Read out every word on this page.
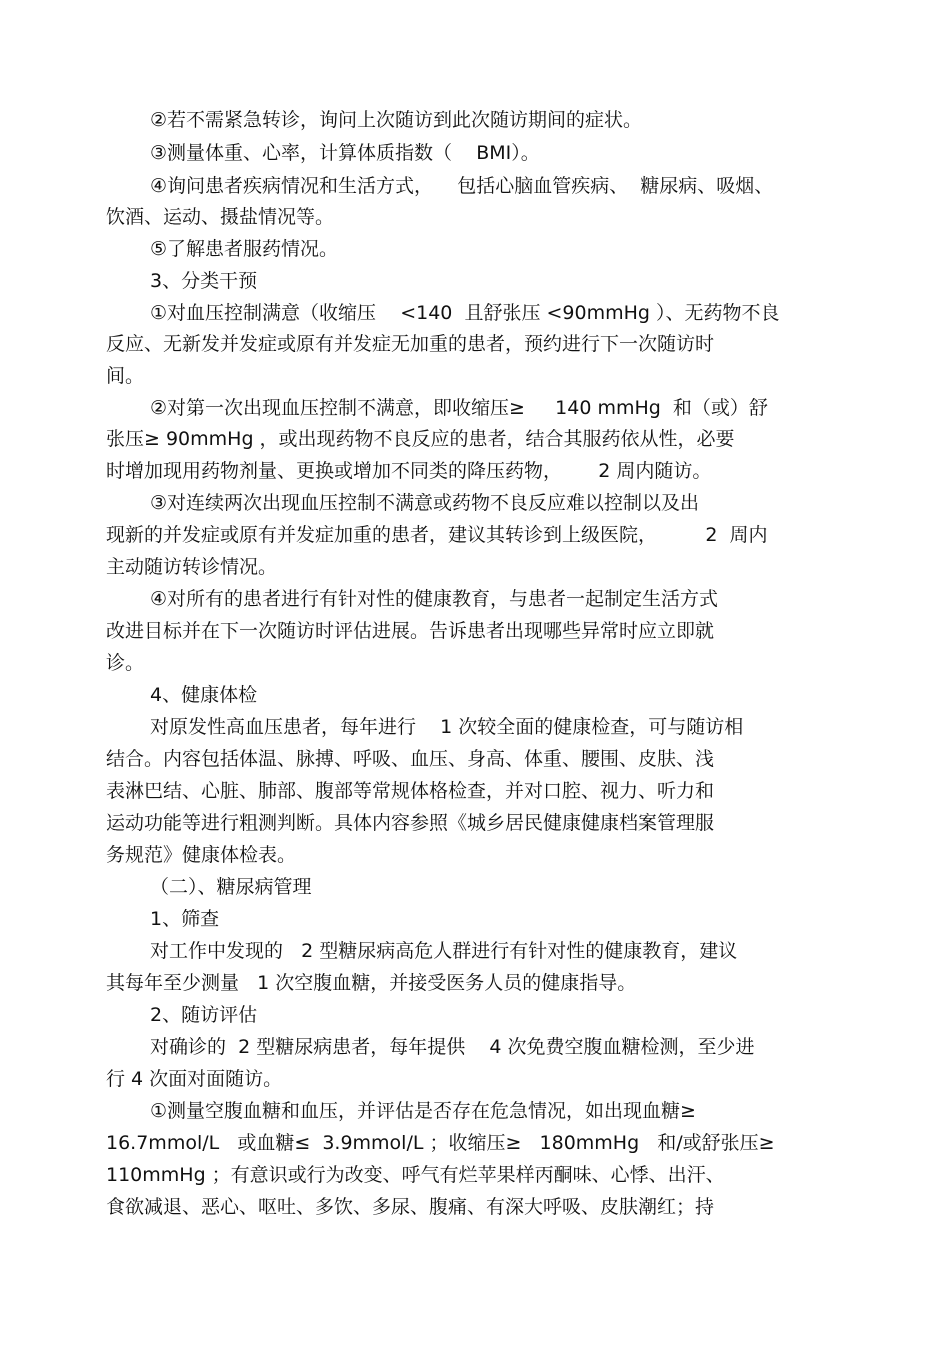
②若不需紧急转诊，询问上次随访到此次随访期间的症状。

③测量体重、心率，计算体质指数（    BMI）。

④询问患者疾病情况和生活方式，    包括心脑血管疾病、  糖尿病、吸烟、

饮酒、运动、摄盐情况等。

⑤了解患者服药情况。

3、分类干预

①对血压控制满意（收缩压    <140  且舒张压 <90mmHg ）、无药物不良

反应、无新发并发症或原有并发症无加重的患者，预约进行下一次随访时

间。

②对第一次出现血压控制不满意，即收缩压≥     140 mmHg  和（或）舒

张压≥ 90mmHg ，或出现药物不良反应的患者，结合其服药依从性，必要

时增加现用药物剂量、更换或增加不同类的降压药物，      2 周内随访。

③对连续两次出现血压控制不满意或药物不良反应难以控制以及出

现新的并发症或原有并发症加重的患者，建议其转诊到上级医院，        2  周内

主动随访转诊情况。

④对所有的患者进行有针对性的健康教育，与患者一起制定生活方式

改进目标并在下一次随访时评估进展。告诉患者出现哪些异常时应立即就

诊。

4、健康体检

对原发性高血压患者，每年进行    1 次较全面的健康检查，可与随访相

结合。内容包括体温、脉搏、呼吸、血压、身高、体重、腰围、皮肤、浅

表淋巴结、心脏、肺部、腹部等常规体格检查，并对口腔、视力、听力和

运动功能等进行粗测判断。具体内容参照《城乡居民健康健康档案管理服

务规范》健康体检表。

（二）、糖尿病管理

1、筛查

对工作中发现的   2 型糖尿病高危人群进行有针对性的健康教育，建议

其每年至少测量   1 次空腹血糖，并接受医务人员的健康指导。

2、随访评估

对确诊的  2 型糖尿病患者，每年提供    4 次免费空腹血糖检测，至少进

行 4 次面对面随访。

①测量空腹血糖和血压，并评估是否存在危急情况，如出现血糖≥

16.7mmol/L   或血糖≤  3.9mmol/L ；收缩压≥   180mmHg   和/或舒张压≥

110mmHg ；有意识或行为改变、呼气有烂苹果样丙酮味、心悸、出汗、

食欲减退、恶心、呕吐、多饮、多尿、腹痛、有深大呼吸、皮肤潮红；持
